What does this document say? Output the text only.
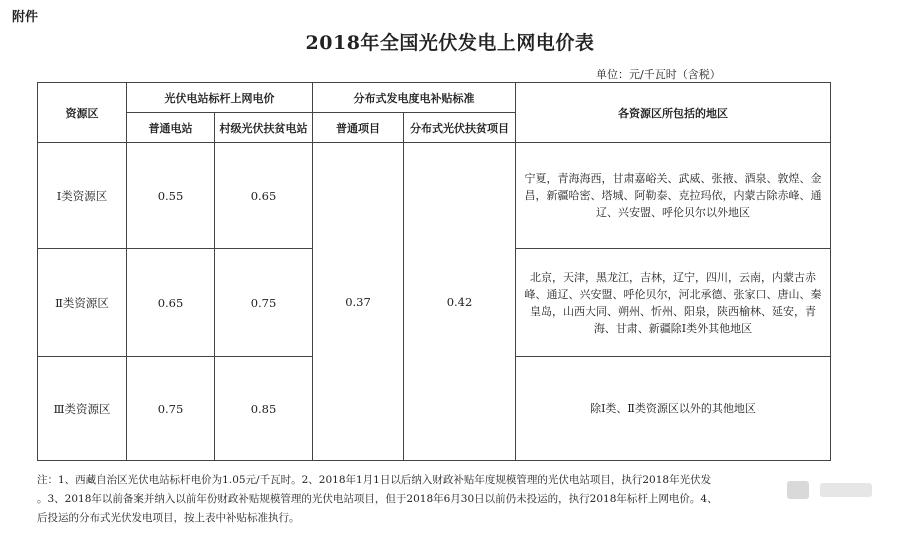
附件
2018年全国光伏发电上网电价表
单位：元/千瓦时（含税）
资源区	光伏电站标杆上网电价		分布式发电度电补贴标准		各资源区所包括的地区
	普通电站	村级光伏扶贫电站	普通项目	分布式光伏扶贫项目	
Ⅰ类资源区	0.55	0.65	0.37	0.42	宁夏，青海海西，甘肃嘉峪关、武威、张掖、酒泉、敦煌、金昌，新疆哈密、塔城、阿勒泰、克拉玛依，内蒙古除赤峰、通辽、兴安盟、呼伦贝尔以外地区

Ⅱ类资源区	0.65	0.75			北京，天津，黑龙江，吉林，辽宁，四川，云南，内蒙古赤峰、通辽、兴安盟、呼伦贝尔，河北承德、张家口、唐山、秦皇岛，山西大同、朔州、忻州、阳泉，陕西榆林、延安，青海、甘肃、新疆除Ⅰ类外其他地区

Ⅲ类资源区	0.75	0.85			除Ⅰ类、Ⅱ类资源区以外的其他地区
注：1、西藏自治区光伏电站标杆电价为1.05元/千瓦时。2、2018年1月1日以后纳入财政补贴年度规模管理的光伏电站项目，执行2018年光伏发
。3、2018年以前备案并纳入以前年份财政补贴规模管理的光伏电站项目，但于2018年6月30日以前仍未投运的，执行2018年标杆上网电价。4、
后投运的分布式光伏发电项目，按上表中补贴标准执行。
